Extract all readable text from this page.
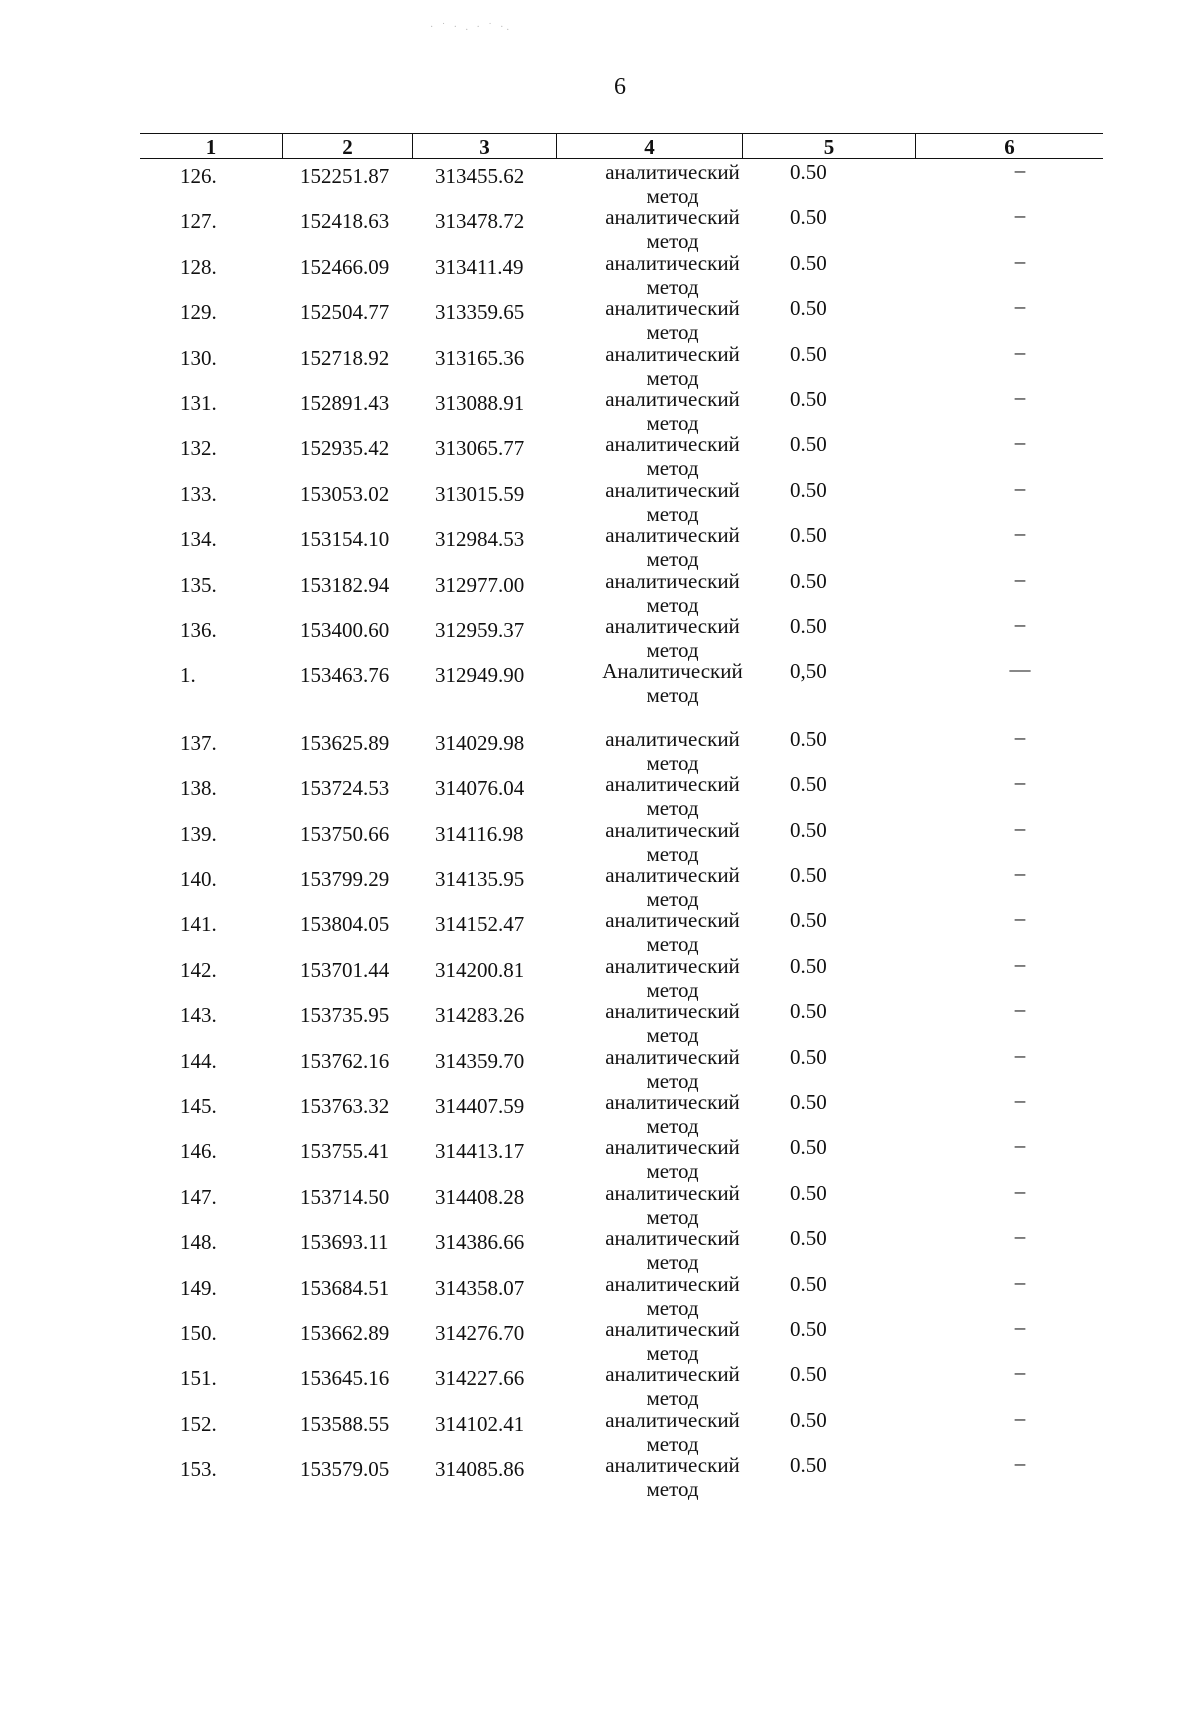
· ˙ · . · ˙ ·.
6
1	2	3	4	5	6
126.	152251.87	313455.62	аналитический
метод
0.50	–
127.	152418.63	313478.72	аналитический
метод
0.50	–
128.	152466.09	313411.49	аналитический
метод
0.50	–
129.	152504.77	313359.65	аналитический
метод
0.50	–
130.	152718.92	313165.36	аналитический
метод
0.50	–
131.	152891.43	313088.91	аналитический
метод
0.50	–
132.	152935.42	313065.77	аналитический
метод
0.50	–
133.	153053.02	313015.59	аналитический
метод
0.50	–
134.	153154.10	312984.53	аналитический
метод
0.50	–
135.	153182.94	312977.00	аналитический
метод
0.50	–
136.	153400.60	312959.37	аналитический
метод
0.50	–
1.	153463.76	312949.90	Аналитический
метод
0,50	—
137.	153625.89	314029.98	аналитический
метод
0.50	–
138.	153724.53	314076.04	аналитический
метод
0.50	–
139.	153750.66	314116.98	аналитический
метод
0.50	–
140.	153799.29	314135.95	аналитический
метод
0.50	–
141.	153804.05	314152.47	аналитический
метод
0.50	–
142.	153701.44	314200.81	аналитический
метод
0.50	–
143.	153735.95	314283.26	аналитический
метод
0.50	–
144.	153762.16	314359.70	аналитический
метод
0.50	–
145.	153763.32	314407.59	аналитический
метод
0.50	–
146.	153755.41	314413.17	аналитический
метод
0.50	–
147.	153714.50	314408.28	аналитический
метод
0.50	–
148.	153693.11	314386.66	аналитический
метод
0.50	–
149.	153684.51	314358.07	аналитический
метод
0.50	–
150.	153662.89	314276.70	аналитический
метод
0.50	–
151.	153645.16	314227.66	аналитический
метод
0.50	–
152.	153588.55	314102.41	аналитический
метод
0.50	–
153.	153579.05	314085.86	аналитический
метод
0.50	–
